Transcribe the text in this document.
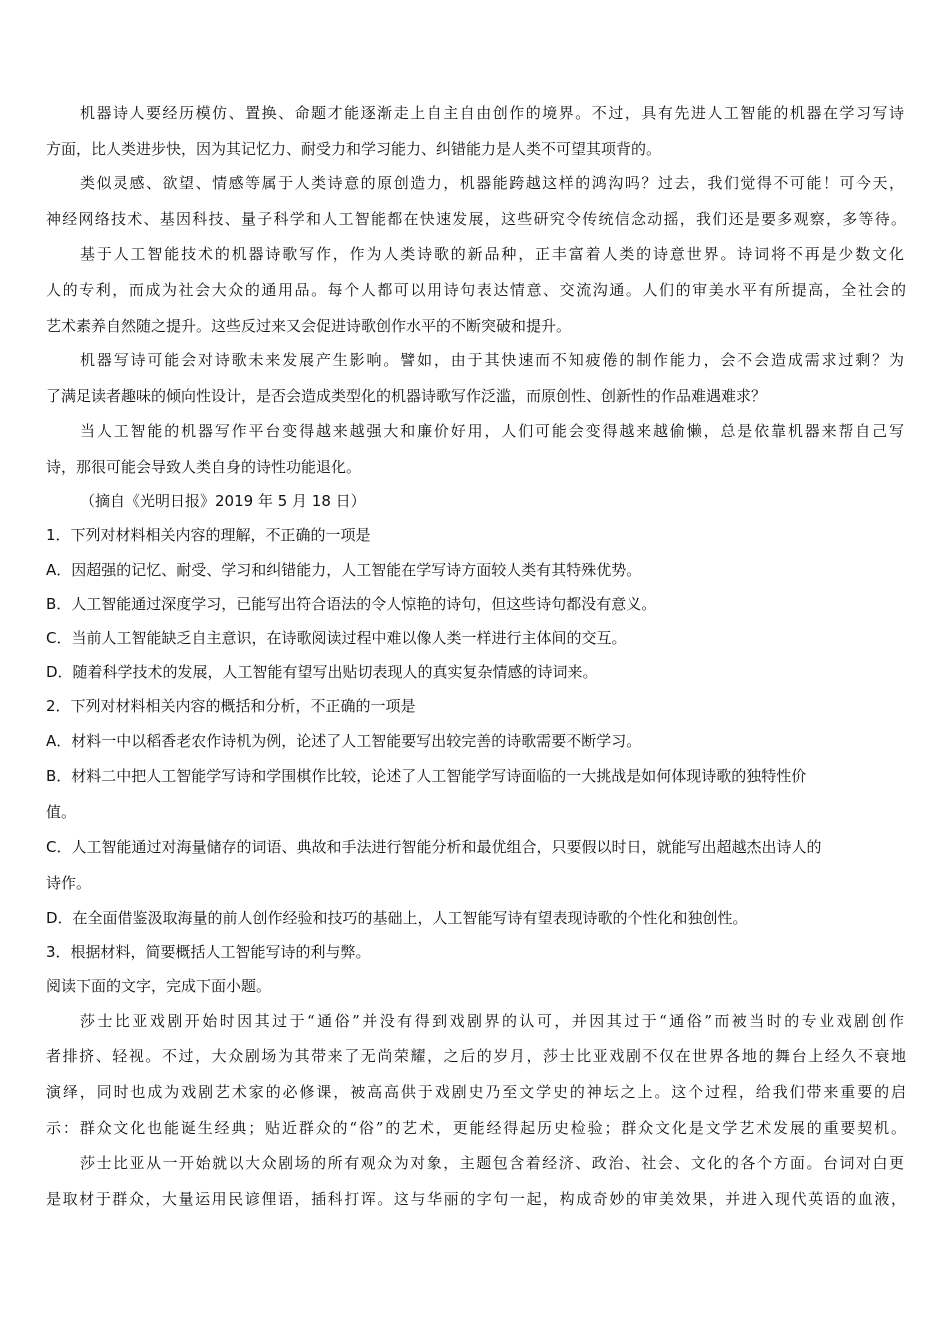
机器诗人要经历模仿、置换、命题才能逐渐走上自主自由创作的境界。不过，具有先进人工智能的机器在学习写诗
方面，比人类进步快，因为其记忆力、耐受力和学习能力、纠错能力是人类不可望其项背的。
类似灵感、欲望、情感等属于人类诗意的原创造力，机器能跨越这样的鸿沟吗？过去，我们觉得不可能！可今天，
神经网络技术、基因科技、量子科学和人工智能都在快速发展，这些研究令传统信念动摇，我们还是要多观察，多等待。
基于人工智能技术的机器诗歌写作，作为人类诗歌的新品种，正丰富着人类的诗意世界。诗词将不再是少数文化
人的专利，而成为社会大众的通用品。每个人都可以用诗句表达情意、交流沟通。人们的审美水平有所提高，全社会的
艺术素养自然随之提升。这些反过来又会促进诗歌创作水平的不断突破和提升。
机器写诗可能会对诗歌未来发展产生影响。譬如，由于其快速而不知疲倦的制作能力，会不会造成需求过剩？为
了满足读者趣味的倾向性设计，是否会造成类型化的机器诗歌写作泛滥，而原创性、创新性的作品难遇难求？
当人工智能的机器写作平台变得越来越强大和廉价好用，人们可能会变得越来越偷懒，总是依靠机器来帮自己写
诗，那很可能会导致人类自身的诗性功能退化。
（摘自《光明日报》2019 年 5 月 18 日）
1．下列对材料相关内容的理解，不正确的一项是
A．因超强的记忆、耐受、学习和纠错能力，人工智能在学写诗方面较人类有其特殊优势。
B．人工智能通过深度学习，已能写出符合语法的令人惊艳的诗句，但这些诗句都没有意义。
C．当前人工智能缺乏自主意识，在诗歌阅读过程中难以像人类一样进行主体间的交互。
D．随着科学技术的发展，人工智能有望写出贴切表现人的真实复杂情感的诗词来。
2．下列对材料相关内容的概括和分析，不正确的一项是
A．材料一中以稻香老农作诗机为例，论述了人工智能要写出较完善的诗歌需要不断学习。
B．材料二中把人工智能学写诗和学围棋作比较，论述了人工智能学写诗面临的一大挑战是如何体现诗歌的独特性价
值。
C．人工智能通过对海量储存的词语、典故和手法进行智能分析和最优组合，只要假以时日，就能写出超越杰出诗人的
诗作。
D．在全面借鉴汲取海量的前人创作经验和技巧的基础上，人工智能写诗有望表现诗歌的个性化和独创性。
3．根据材料，简要概括人工智能写诗的利与弊。
阅读下面的文字，完成下面小题。
莎士比亚戏剧开始时因其过于“通俗”并没有得到戏剧界的认可，并因其过于“通俗”而被当时的专业戏剧创作
者排挤、轻视。不过，大众剧场为其带来了无尚荣耀，之后的岁月，莎士比亚戏剧不仅在世界各地的舞台上经久不衰地
演绎，同时也成为戏剧艺术家的必修课，被高高供于戏剧史乃至文学史的神坛之上。这个过程，给我们带来重要的启
示：群众文化也能诞生经典；贴近群众的“俗”的艺术，更能经得起历史检验；群众文化是文学艺术发展的重要契机。
莎士比亚从一开始就以大众剧场的所有观众为对象，主题包含着经济、政治、社会、文化的各个方面。台词对白更
是取材于群众，大量运用民谚俚语，插科打诨。这与华丽的字句一起，构成奇妙的审美效果，并进入现代英语的血液，
